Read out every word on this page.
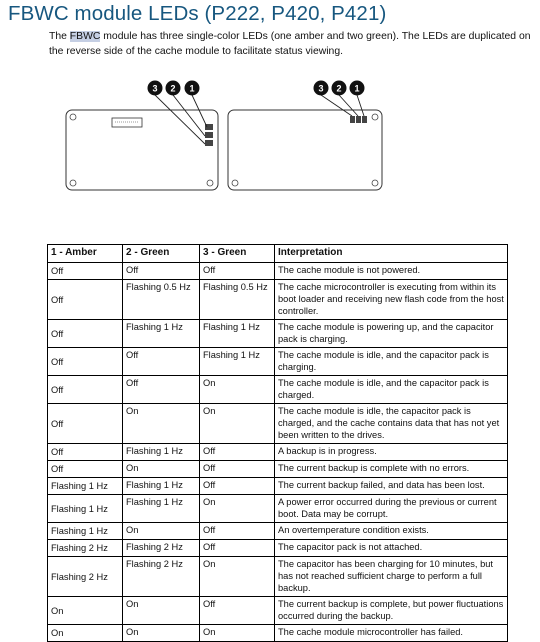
FBWC module LEDs (P222, P420, P421)

The FBWC module has three single-color LEDs (one amber and two green). The LEDs are duplicated on the reverse side of the cache module to facilitate status viewing.

3 2 1	3 2 1
1 - Amber	2 - Green	3 - Green	Interpretation
Off	Off	Off	The cache module is not powered.
Off	Flashing 0.5 Hz	Flashing 0.5 Hz	The cache microcontroller is executing from within its boot loader and receiving new flash code from the host controller.
Off	Flashing 1 Hz	Flashing 1 Hz	The cache module is powering up, and the capacitor pack is charging.
Off	Off	Flashing 1 Hz	The cache module is idle, and the capacitor pack is charging.
Off	Off	On	The cache module is idle, and the capacitor pack is charged.
Off	On	On	The cache module is idle, the capacitor pack is charged, and the cache contains data that has not yet been written to the drives.
Off	Flashing 1 Hz	Off	A backup is in progress.
Off	On	Off	The current backup is complete with no errors.
Flashing 1 Hz	Flashing 1 Hz	Off	The current backup failed, and data has been lost.
Flashing 1 Hz	Flashing 1 Hz	On	A power error occurred during the previous or current boot. Data may be corrupt.
Flashing 1 Hz	On	Off	An overtemperature condition exists.
Flashing 2 Hz	Flashing 2 Hz	Off	The capacitor pack is not attached.
Flashing 2 Hz	Flashing 2 Hz	On	The capacitor has been charging for 10 minutes, but has not reached sufficient charge to perform a full backup.
On	On	Off	The current backup is complete, but power fluctuations occurred during the backup.
On	On	On	The cache module microcontroller has failed.
